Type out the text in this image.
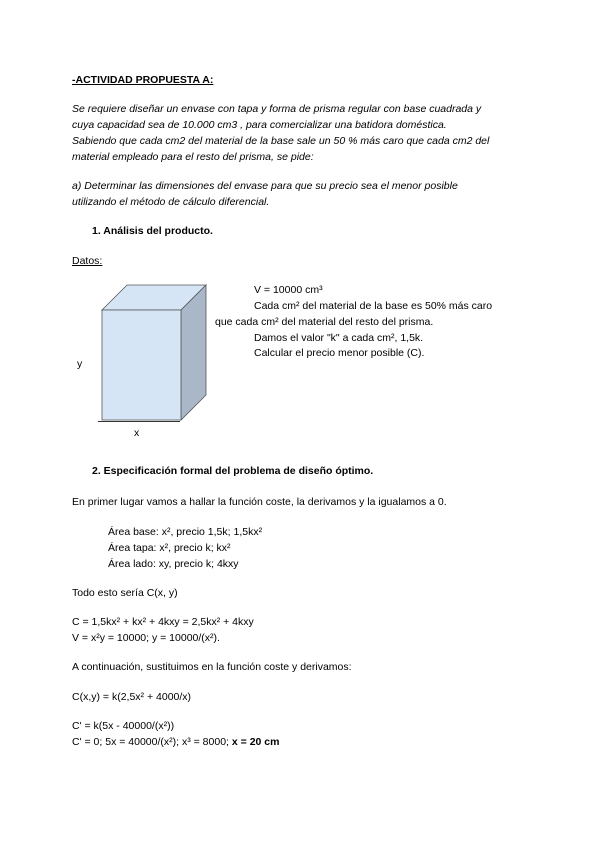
-ACTIVIDAD PROPUESTA A:
Se requiere diseñar un envase con tapa y forma de prisma regular con base cuadrada y
cuya capacidad sea de 10.000 cm3 , para comercializar una batidora doméstica.
Sabiendo que cada cm2 del material de la base sale un 50 % más caro que cada cm2 del
material empleado para el resto del prisma, se pide:
a) Determinar las dimensiones del envase para que su precio sea el menor posible
utilizando el método de cálculo diferencial.
1. Análisis del producto.
Datos:
y
x
V = 10000 cm³
Cada cm² del material de la base es 50% más caro
que cada cm² del material del resto del prisma.
Damos el valor "k" a cada cm², 1,5k.
Calcular el precio menor posible (C).
2. Especificación formal del problema de diseño óptimo.
En primer lugar vamos a hallar la función coste, la derivamos y la igualamos a 0.
Área base: x², precio 1,5k; 1,5kx²
Área tapa: x², precio k; kx²
Área lado: xy, precio k; 4kxy
Todo esto sería C(x, y)
C = 1,5kx² + kx² + 4kxy = 2,5kx² + 4kxy
V = x²y = 10000; y = 10000/(x²).
A continuación, sustituimos en la función coste y derivamos:
C(x,y) = k(2,5x² + 4000/x)
C' = k(5x - 40000/(x²))
C' = 0; 5x = 40000/(x²); x³ = 8000; x = 20 cm
